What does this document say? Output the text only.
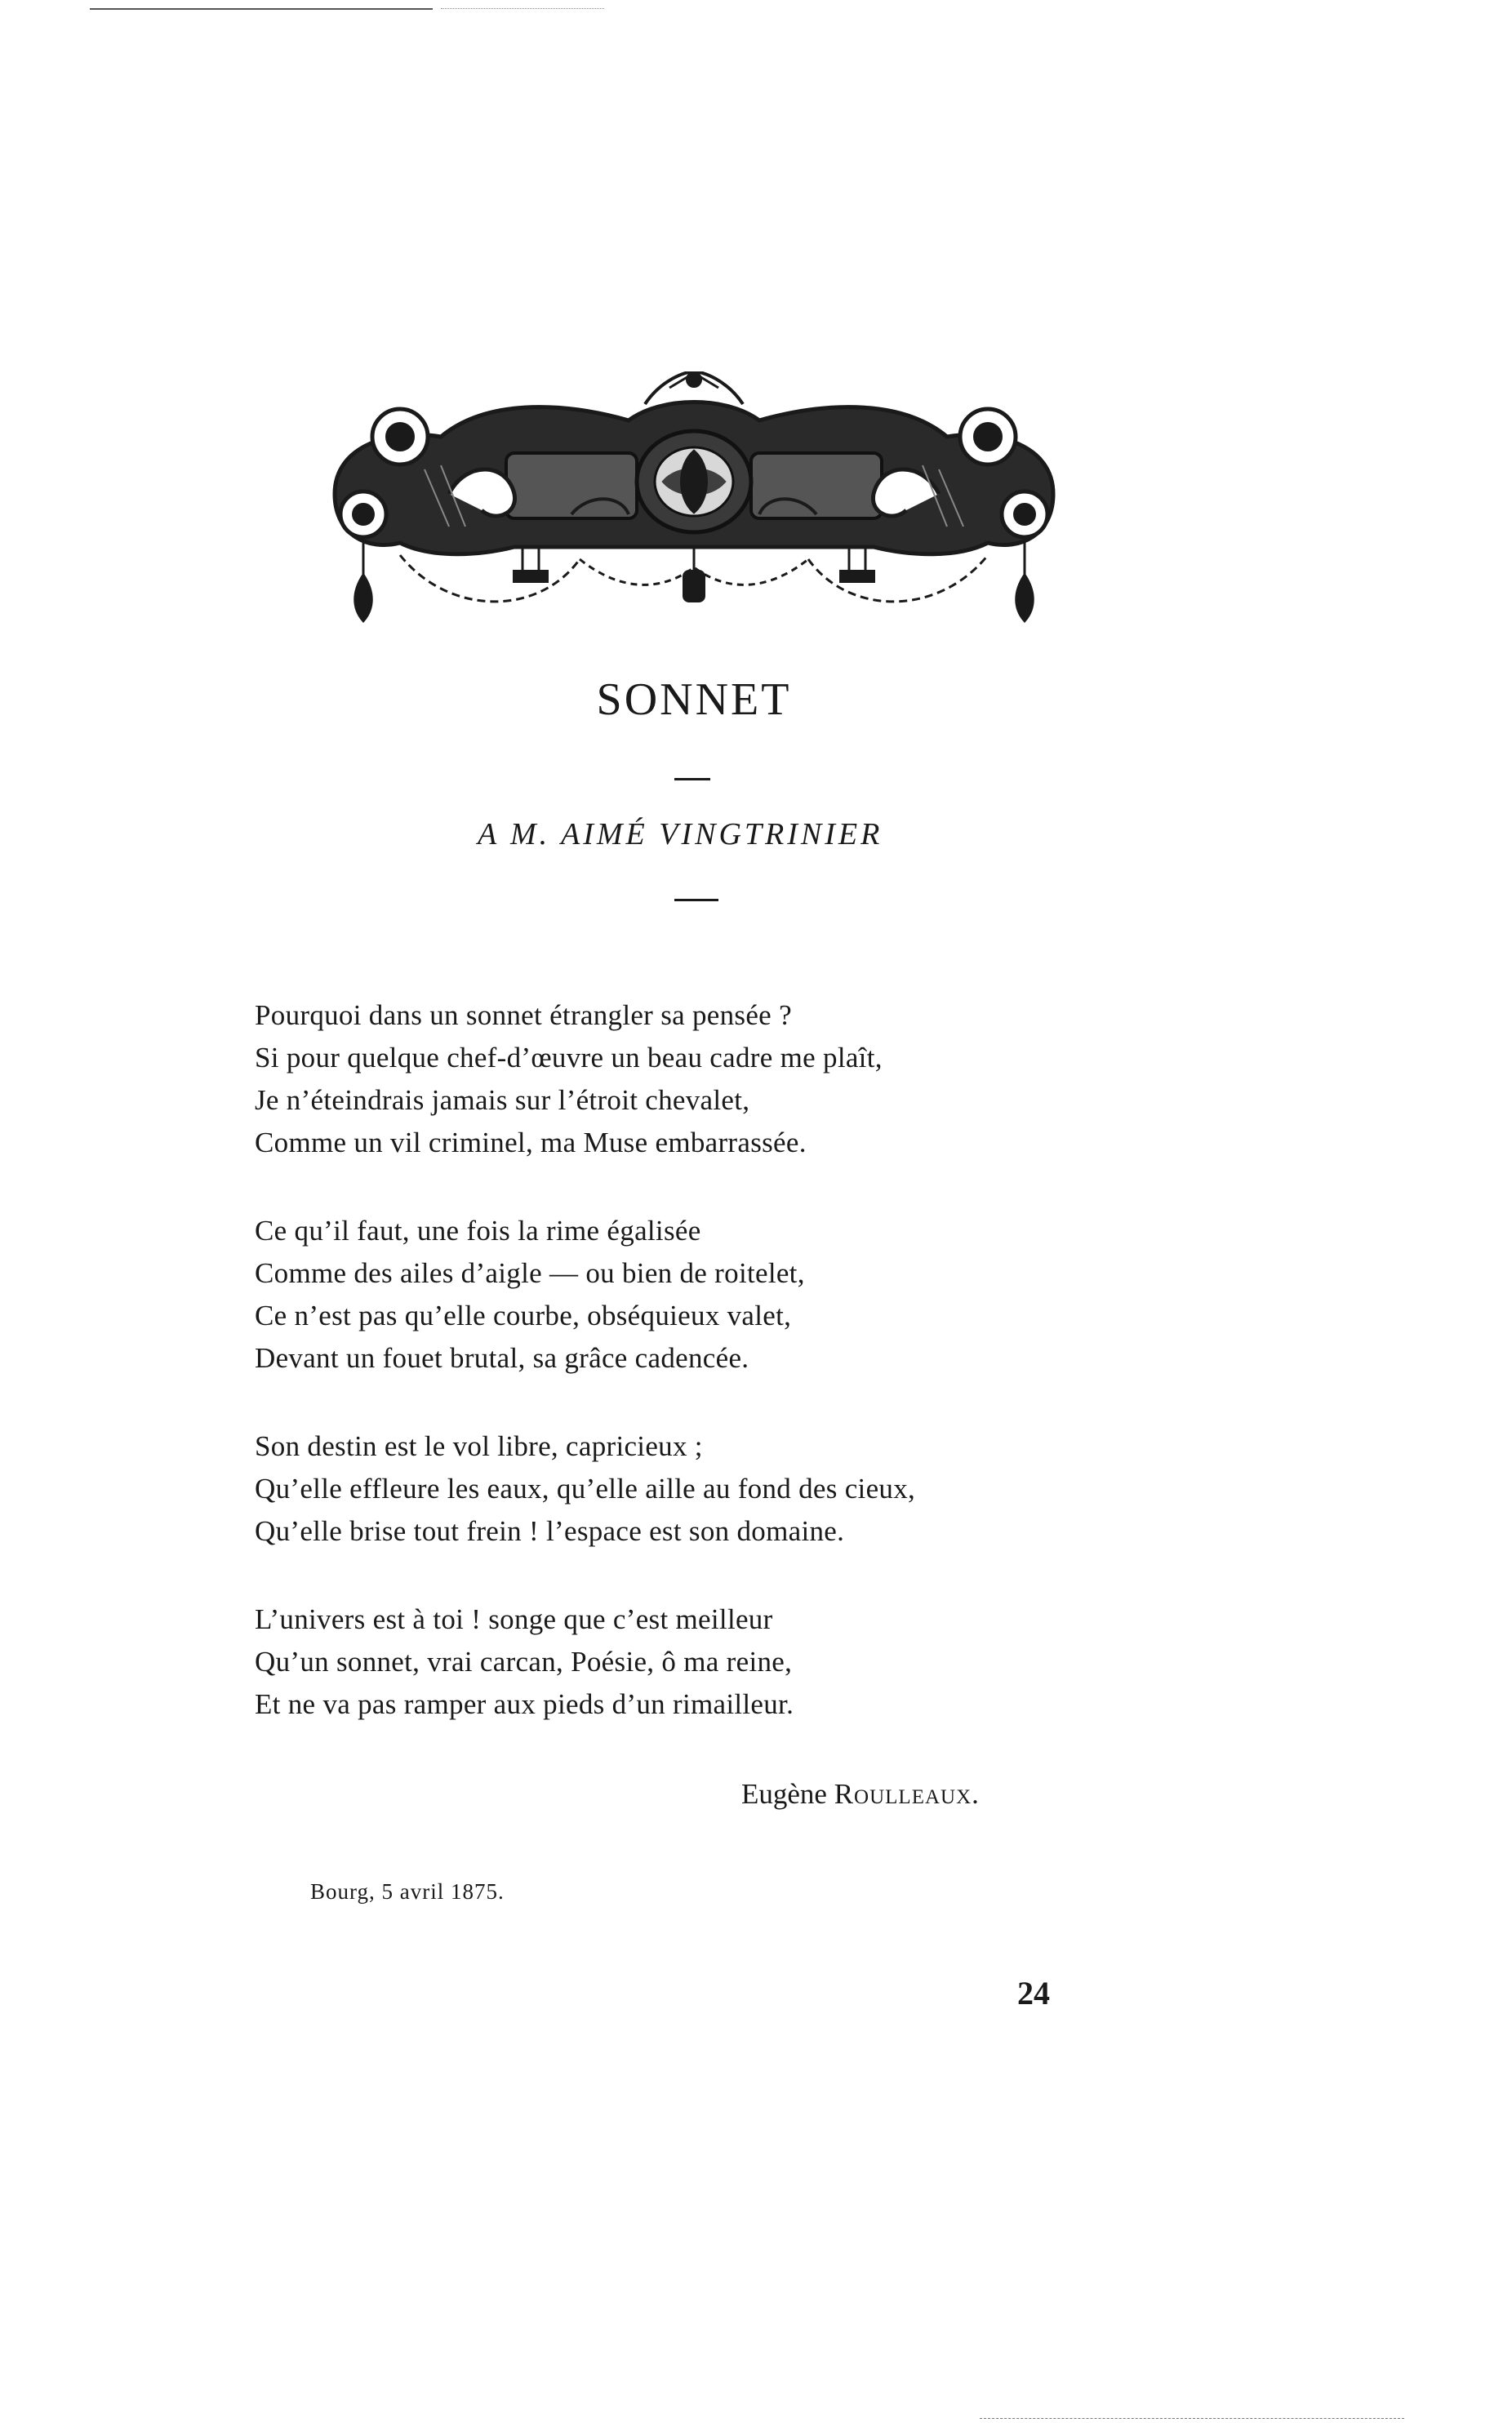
SONNET
A M. AIMÉ VINGTRINIER
Pourquoi dans un sonnet étrangler sa pensée ?
Si pour quelque chef-d’œuvre un beau cadre me plaît,
Je n’éteindrais jamais sur l’étroit chevalet,
Comme un vil criminel, ma Muse embarrassée.
Ce qu’il faut, une fois la rime égalisée
Comme des ailes d’aigle — ou bien de roitelet,
Ce n’est pas qu’elle courbe, obséquieux valet,
Devant un fouet brutal, sa grâce cadencée.
Son destin est le vol libre, capricieux ;
Qu’elle effleure les eaux, qu’elle aille au fond des cieux,
Qu’elle brise tout frein ! l’espace est son domaine.
L’univers est à toi ! songe que c’est meilleur
Qu’un sonnet, vrai carcan, Poésie, ô ma reine,
Et ne va pas ramper aux pieds d’un rimailleur.
Eugène Roulleaux.
Bourg, 5 avril 1875.
24
